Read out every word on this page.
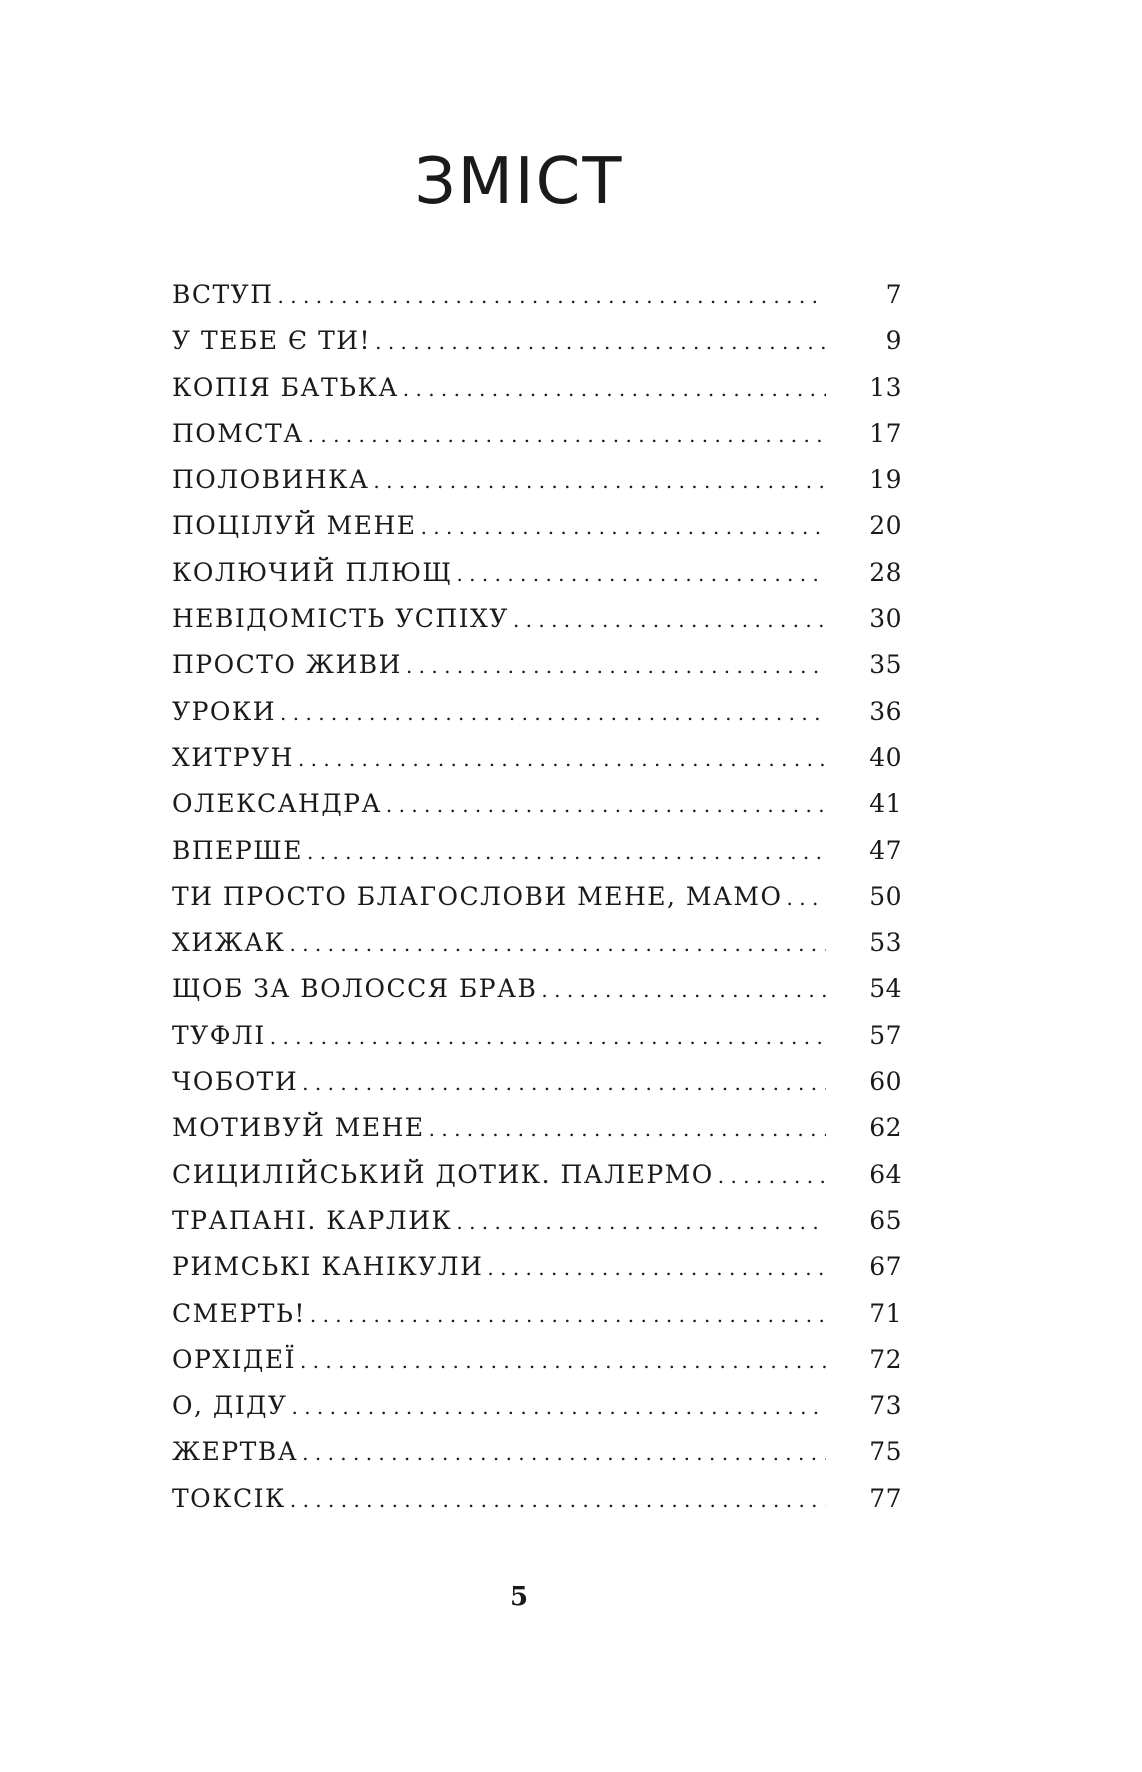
ЗМІСТ
ВСТУП . . .	7
У ТЕБЕ Є ТИ! . . .	9
КОПІЯ БАТЬКА . . .	13
ПОМСТА . . .	17
ПОЛОВИНКА . . .	19
ПОЦІЛУЙ МЕНЕ . . .	20
КОЛЮЧИЙ ПЛЮЩ . . .	28
НЕВІДОМІСТЬ УСПІХУ . . .	30
ПРОСТО ЖИВИ . . .	35
УРОКИ . . .	36
ХИТРУН . . .	40
ОЛЕКСАНДРА . . .	41
ВПЕРШЕ . . .	47
ТИ ПРОСТО БЛАГОСЛОВИ МЕНЕ, МАМО . . .	50
ХИЖАК . . .	53
ЩОБ ЗА ВОЛОССЯ БРАВ . . .	54
ТУФЛІ . . .	57
ЧОБОТИ . . .	60
МОТИВУЙ МЕНЕ . . .	62
СИЦИЛІЙСЬКИЙ ДОТИК. ПАЛЕРМО . . .	64
ТРАПАНІ. КАРЛИК . . .	65
РИМСЬКІ КАНІКУЛИ . . .	67
СМЕРТЬ! . . .	71
ОРХІДЕЇ . . .	72
О, ДІДУ . . .	73
ЖЕРТВА . . .	75
ТОКСІК . . .	77
5
